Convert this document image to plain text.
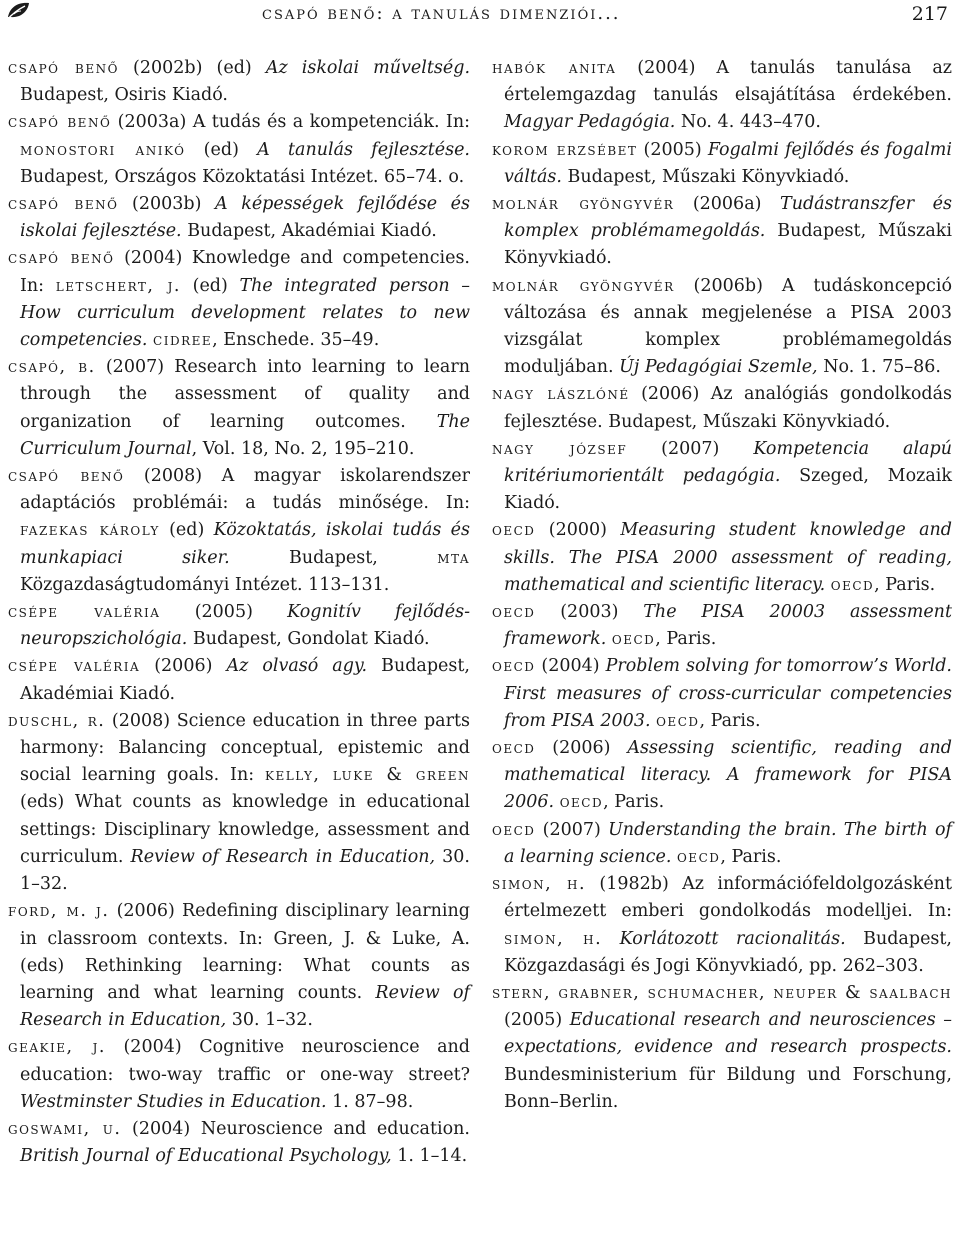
csapó benő: a tanulás dimenziói...	217

csapó benő (2002b) (ed) Az iskolai műveltség. Budapest, Osiris Kiadó.

csapó benő (2003a) A tudás és a kompetenciák. In: monostori anikó (ed) A tanulás fejlesztése. Budapest, Országos Közoktatási Intézet. 65–74. o.

csapó benő (2003b) A képességek fejlődése és iskolai fejlesztése. Budapest, Akadémiai Kiadó.

csapó benő (2004) Knowledge and competencies. In: letschert, j. (ed) The integrated person – How curriculum development relates to new competencies. cidree, Enschede. 35–49.

csapó, b. (2007) Research into learning to learn through the assessment of quality and organization of learning outcomes. The Curriculum Journal, Vol. 18, No. 2, 195–210.

csapó benő (2008) A magyar iskolarendszer adaptációs problémái: a tudás minősége. In: fazekas károly (ed) Közoktatás, iskolai tudás és munkapiaci siker. Budapest, mta Közgazdaságtudományi Intézet. 113–131.

csépe valéria (2005) Kognitív fejlődés-neuropszichológia. Budapest, Gondolat Kiadó.

csépe valéria (2006) Az olvasó agy. Budapest, Akadémiai Kiadó.

duschl, r. (2008) Science education in three parts harmony: Balancing conceptual, epistemic and social learning goals. In: kelly, luke & green (eds) What counts as knowledge in educational settings: Disciplinary knowledge, assessment and curriculum. Review of Research in Education, 30. 1–32.

ford, m. j. (2006) Redefining disciplinary learning in classroom contexts. In: Green, J. & Luke, A. (eds) Rethinking learning: What counts as learning and what learning counts. Review of Research in Education, 30. 1–32.

geakie, j. (2004) Cognitive neuroscience and education: two-way traffic or one-way street? Westminster Studies in Education. 1. 87–98.

goswami, u. (2004) Neuroscience and education. British Journal of Educational Psychology, 1. 1–14.

habók anita (2004) A tanulás tanulása az értelemgazdag tanulás elsajátítása érdekében. Magyar Pedagógia. No. 4. 443–470.

korom erzsébet (2005) Fogalmi fejlődés és fogalmi váltás. Budapest, Műszaki Könyvkiadó.

molnár gyöngyvér (2006a) Tudástranszfer és komplex problémamegoldás. Budapest, Műszaki Könyvkiadó.

molnár gyöngyvér (2006b) A tudáskoncepció változása és annak megjelenése a PISA 2003 vizsgálat komplex problémamegoldás moduljában. Új Pedagógiai Szemle, No. 1. 75–86.

nagy lászlóné (2006) Az analógiás gondolkodás fejlesztése. Budapest, Műszaki Könyvkiadó.

nagy józsef (2007) Kompetencia alapú kritériumorientált pedagógia. Szeged, Mozaik Kiadó.

oecd (2000) Measuring student knowledge and skills. The PISA 2000 assessment of reading, mathematical and scientific literacy. oecd, Paris.

oecd (2003) The PISA 20003 assessment framework. oecd, Paris.

oecd (2004) Problem solving for tomorrow’s World. First measures of cross-curricular competencies from PISA 2003. oecd, Paris.

oecd (2006) Assessing scientific, reading and mathematical literacy. A framework for PISA 2006. oecd, Paris.

oecd (2007) Understanding the brain. The birth of a learning science. oecd, Paris.

simon, h. (1982b) Az információfeldolgozásként értelmezett emberi gondolkodás modelljei. In: simon, h. Korlátozott racionalitás. Budapest, Közgazdasági és Jogi Könyvkiadó, pp. 262–303.

stern, grabner, schumacher, neuper & saalbach (2005) Educational research and neurosciences – expectations, evidence and research prospects. Bundesministerium für Bildung und Forschung, Bonn–Berlin.
